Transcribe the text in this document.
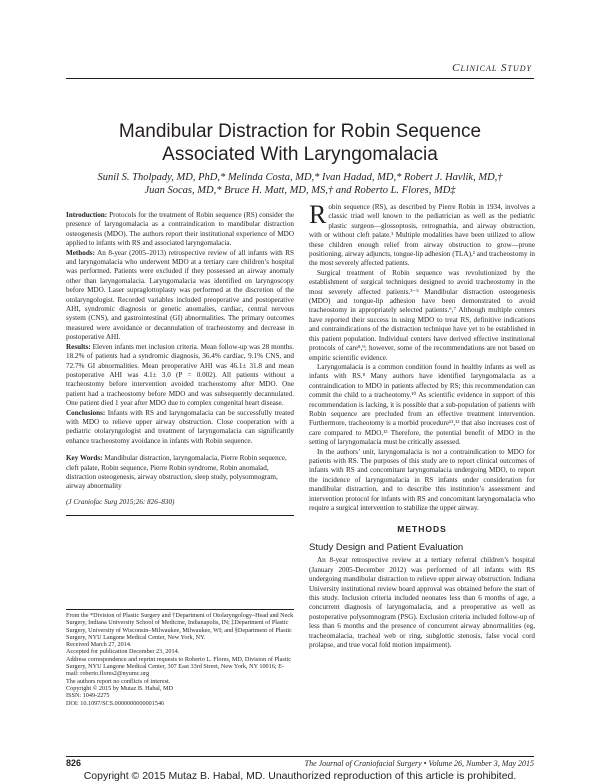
Clinical Study
Mandibular Distraction for Robin Sequence
Associated With Laryngomalacia
Sunil S. Tholpady, MD, PhD,* Melinda Costa, MD,* Ivan Hadad, MD,* Robert J. Havlik, MD,†
Juan Socas, MD,* Bruce H. Matt, MD, MS,† and Roberto L. Flores, MD‡

Introduction: Protocols for the treatment of Robin sequence (RS) consider the presence of laryngomalacia as a contraindication to mandibular distraction osteogenesis (MDO). The authors report their institutional experience of MDO applied to infants with RS and associated laryngomalacia.

Methods: An 8-year (2005–2013) retrospective review of all infants with RS and laryngomalacia who underwent MDO at a tertiary care children’s hospital was performed. Patients were excluded if they possessed an airway anomaly other than laryngomalacia. Laryngomalacia was identified on laryngoscopy before MDO. Laser supraglottoplasty was performed at the discretion of the otolaryngologist. Recorded variables included preoperative and postoperative AHI, syndromic diagnosis or genetic anomalies, cardiac, central nervous system (CNS), and gastrointestinal (GI) abnormalities. The primary outcomes measured were avoidance or decannulation of tracheostomy and decrease in postoperative AHI.

Results: Eleven infants met inclusion criteria. Mean follow-up was 28 months. 18.2% of patients had a syndromic diagnosis, 36.4% cardiac, 9.1% CNS, and 72.7% GI abnormalities. Mean preoperative AHI was 46.1± 31.8 and mean postoperative AHI was 4.1± 3.0 (P = 0.002). All patients without a tracheostomy before intervention avoided tracheostomy after MDO. One patient had a tracheostomy before MDO and was subsequently decannulated. One patient died 1 year after MDO due to complex congenital heart disease.

Conclusions: Infants with RS and laryngomalacia can be successfully treated with MDO to relieve upper airway obstruction. Close cooperation with a pediatric otolaryngologist and treatment of laryngomalacia can significantly enhance tracheostomy avoidance in infants with Robin sequence.

Key Words: Mandibular distraction, laryngomalacia, Pierre Robin sequence, cleft palate, Robin sequence, Pierre Robin syndrome, Robin anomalad, distraction osteogenesis, airway obstruction, sleep study, polysomnogram, airway abnormality

(J Craniofac Surg 2015;26: 826–830)

From the *Division of Plastic Surgery and †Department of Otolaryngology–Head and Neck Surgery, Indiana University School of Medicine, Indianapolis, IN; ‡Department of Plastic Surgery, University of Wisconsin–Milwaukee, Milwaukee, WI; and §Department of Plastic Surgery, NYU Langone Medical Center, New York, NY.

Received March 27, 2014.

Accepted for publication December 23, 2014.

Address correspondence and reprint requests to Roberto L. Flores, MD, Division of Plastic Surgery, NYU Langone Medical Center, 307 East 33rd Street, New York, NY 10016; E-mail: roberto.flores2@nyumc.org

The authors report no conflicts of interest.

Copyright © 2015 by Mutaz B. Habal, MD

ISSN: 1049-2275

DOI: 10.1097/SCS.0000000000001546

Robin sequence (RS), as described by Pierre Robin in 1934, involves a classic triad well known to the pediatrician as well as the pediatric plastic surgeon—glossoptosis, retrognathia, and airway obstruction, with or without cleft palate.¹ Multiple modalities have been utilized to allow these children enough relief from airway obstruction to grow—prone positioning, airway adjuncts, tongue-lip adhesion (TLA),² and tracheostomy in the most severely affected patients.

Surgical treatment of Robin sequence was revolutionized by the establishment of surgical techniques designed to avoid tracheostomy in the most severely affected patients.³⁻⁵ Mandibular distraction osteogenesis (MDO) and tongue-lip adhesion have been demonstrated to avoid tracheostomy in appropriately selected patients.⁶,⁷ Although multiple centers have reported their success in using MDO to treat RS, definitive indications and contraindications of the distraction technique have yet to be established in this patient population. Individual centers have derived effective institutional protocols of care⁸,⁹; however, some of the recommendations are not based on empiric scientific evidence.

Laryngomalacia is a common condition found in healthy infants as well as infants with RS.⁸ Many authors have identified laryngomalacia as a contraindication to MDO in patients affected by RS; this recommendation can commit the child to a tracheotomy.¹⁰ As scientific evidence in support of this recommendation is lacking, it is possible that a sub-population of patients with Robin sequence are precluded from an effective treatment intervention. Furthermore, tracheotomy is a morbid procedure¹¹,¹² that also increases cost of care compared to MDO.¹³ Therefore, the potential benefit of MDO in the setting of laryngomalacia must be critically assessed.

In the authors’ unit, laryngomalacia is not a contraindication to MDO for patients with RS. The purposes of this study are to report clinical outcomes of infants with RS and concomitant laryngomalacia undergoing MDO, to report the incidence of laryngomalacia in RS infants under consideration for mandibular distraction, and to describe this institution’s assessment and intervention protocol for infants with RS and concomitant laryngomalacia who require a surgical intervention to stabilize the upper airway.

METHODS
Study Design and Patient Evaluation

An 8-year retrospective review at a tertiary referral children’s hospital (January 2005-December 2012) was performed of all infants with RS undergoing mandibular distraction to relieve upper airway obstruction. Indiana University institutional review board approval was obtained before the start of this study. Inclusion criteria included neonates less than 6 months of age, a concurrent diagnosis of laryngomalacia, and a preoperative as well as postoperative polysomnogram (PSG). Exclusion criteria included follow-up of less than 6 months and the presence of concurrent airway abnormalities (eg, tracheomalacia, tracheal web or ring, subglottic stenosis, false vocal cord prolapse, and true vocal fold motion impairment).

826	The Journal of Craniofacial Surgery • Volume 26, Number 3, May 2015
Copyright © 2015 Mutaz B. Habal, MD. Unauthorized reproduction of this article is prohibited.
